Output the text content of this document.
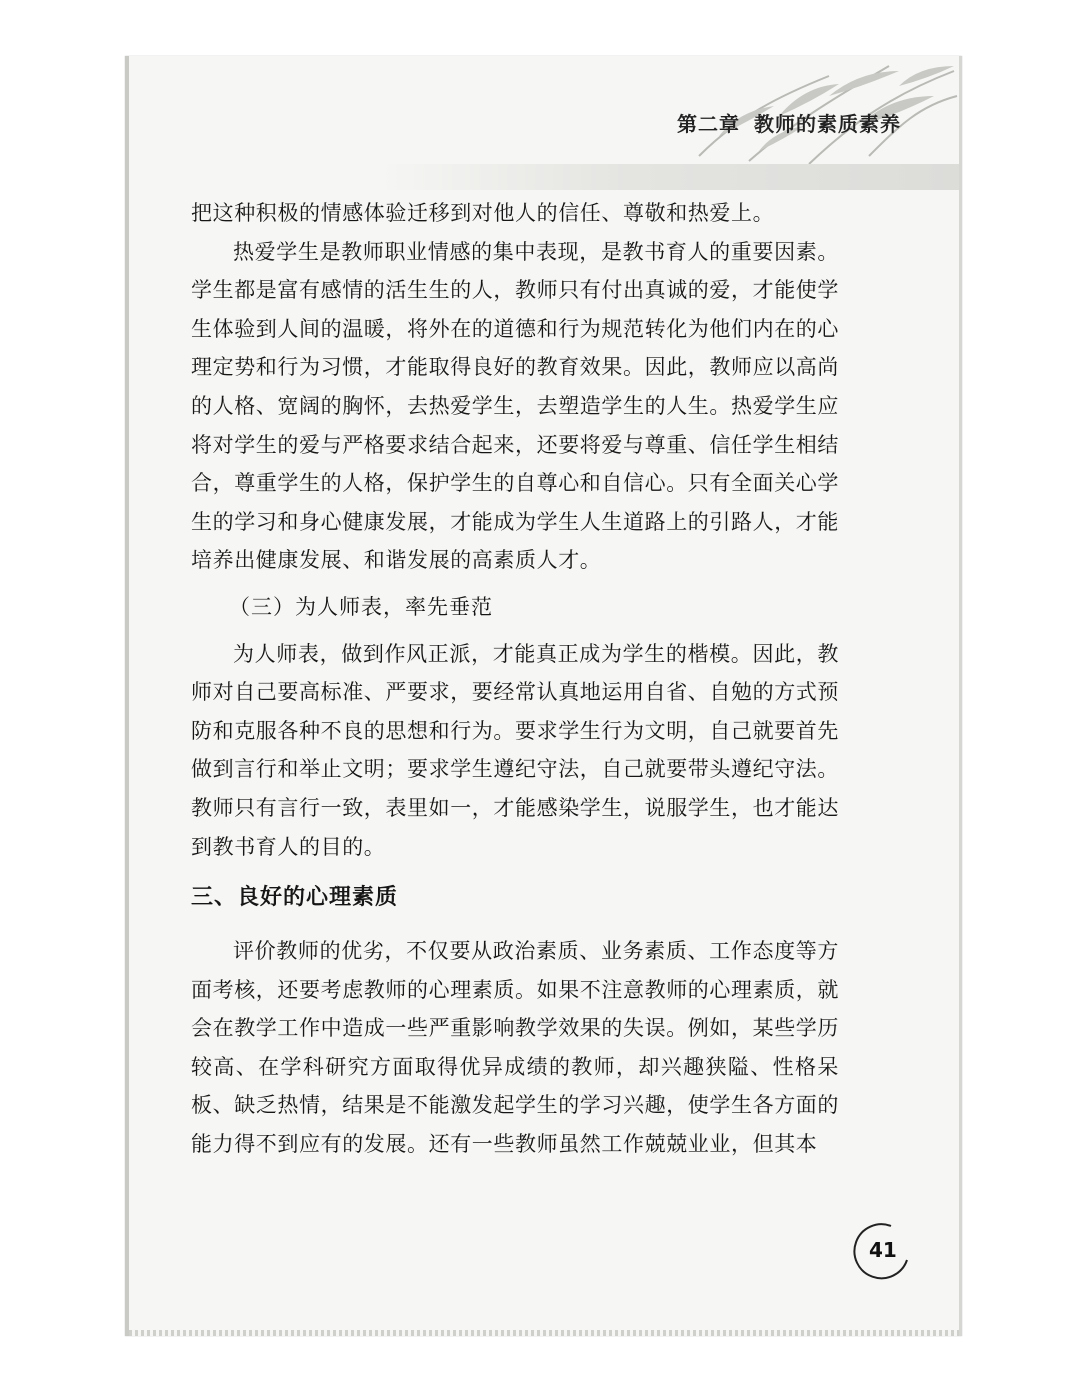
第二章 教师的素质素养

把这种积极的情感体验迁移到对他人的信任、尊敬和热爱上。

热爱学生是教师职业情感的集中表现，是教书育人的重要因素。学生都是富有感情的活生生的人，教师只有付出真诚的爱，才能使学生体验到人间的温暖，将外在的道德和行为规范转化为他们内在的心理定势和行为习惯，才能取得良好的教育效果。因此，教师应以高尚的人格、宽阔的胸怀，去热爱学生，去塑造学生的人生。热爱学生应将对学生的爱与严格要求结合起来，还要将爱与尊重、信任学生相结合，尊重学生的人格，保护学生的自尊心和自信心。只有全面关心学生的学习和身心健康发展，才能成为学生人生道路上的引路人，才能培养出健康发展、和谐发展的高素质人才。

（三）为人师表，率先垂范

为人师表，做到作风正派，才能真正成为学生的楷模。因此，教师对自己要高标准、严要求，要经常认真地运用自省、自勉的方式预防和克服各种不良的思想和行为。要求学生行为文明，自己就要首先做到言行和举止文明；要求学生遵纪守法，自己就要带头遵纪守法。教师只有言行一致，表里如一，才能感染学生，说服学生，也才能达到教书育人的目的。

三、良好的心理素质

评价教师的优劣，不仅要从政治素质、业务素质、工作态度等方面考核，还要考虑教师的心理素质。如果不注意教师的心理素质，就会在教学工作中造成一些严重影响教学效果的失误。例如，某些学历较高、在学科研究方面取得优异成绩的教师，却兴趣狭隘、性格呆板、缺乏热情，结果是不能激发起学生的学习兴趣，使学生各方面的能力得不到应有的发展。还有一些教师虽然工作兢兢业业，但其本

41
